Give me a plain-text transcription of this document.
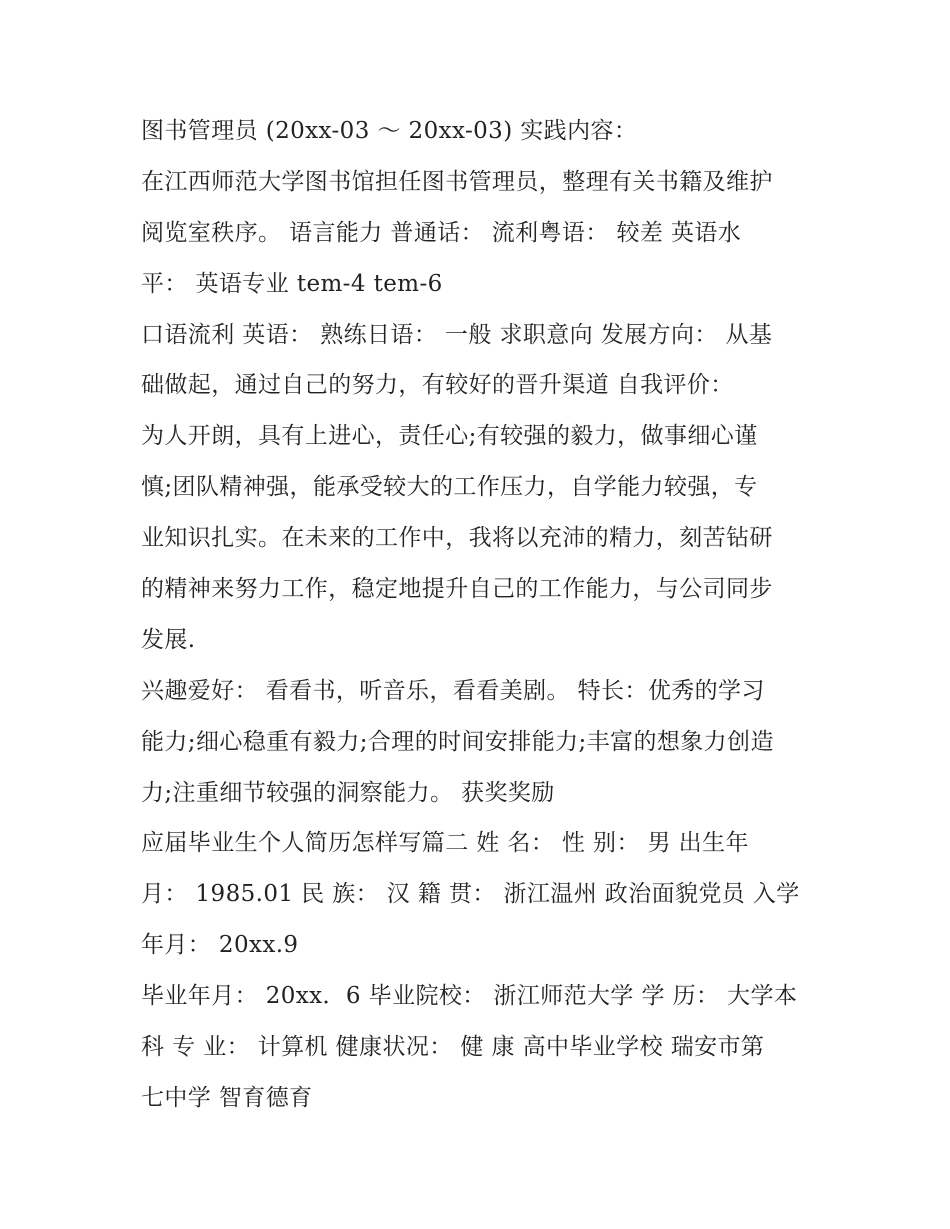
图书管理员 (20xx-03 ～ 20xx-03) 实践内容：

在江西师范大学图书馆担任图书管理员，整理有关书籍及维护

阅览室秩序。 语言能力 普通话： 流利粤语： 较差 英语水

平： 英语专业 tem-4 tem-6

口语流利 英语： 熟练日语： 一般 求职意向 发展方向： 从基

础做起，通过自己的努力，有较好的晋升渠道 自我评价：

为人开朗，具有上进心，责任心;有较强的毅力，做事细心谨

慎;团队精神强，能承受较大的工作压力，自学能力较强，专

业知识扎实。在未来的工作中，我将以充沛的精力，刻苦钻研

的精神来努力工作，稳定地提升自己的工作能力，与公司同步

发展.

兴趣爱好： 看看书，听音乐，看看美剧。 特长：优秀的学习

能力;细心稳重有毅力;合理的时间安排能力;丰富的想象力创造

力;注重细节较强的洞察能力。 获奖奖励

应届毕业生个人简历怎样写篇二 姓 名： 性 别： 男 出生年

月： 1985.01 民 族： 汉 籍 贯： 浙江温州 政治面貌党员 入学

年月： 20xx.9

毕业年月： 20xx．6 毕业院校： 浙江师范大学 学 历： 大学本

科 专 业： 计算机 健康状况： 健 康 高中毕业学校 瑞安市第

七中学 智育德育
